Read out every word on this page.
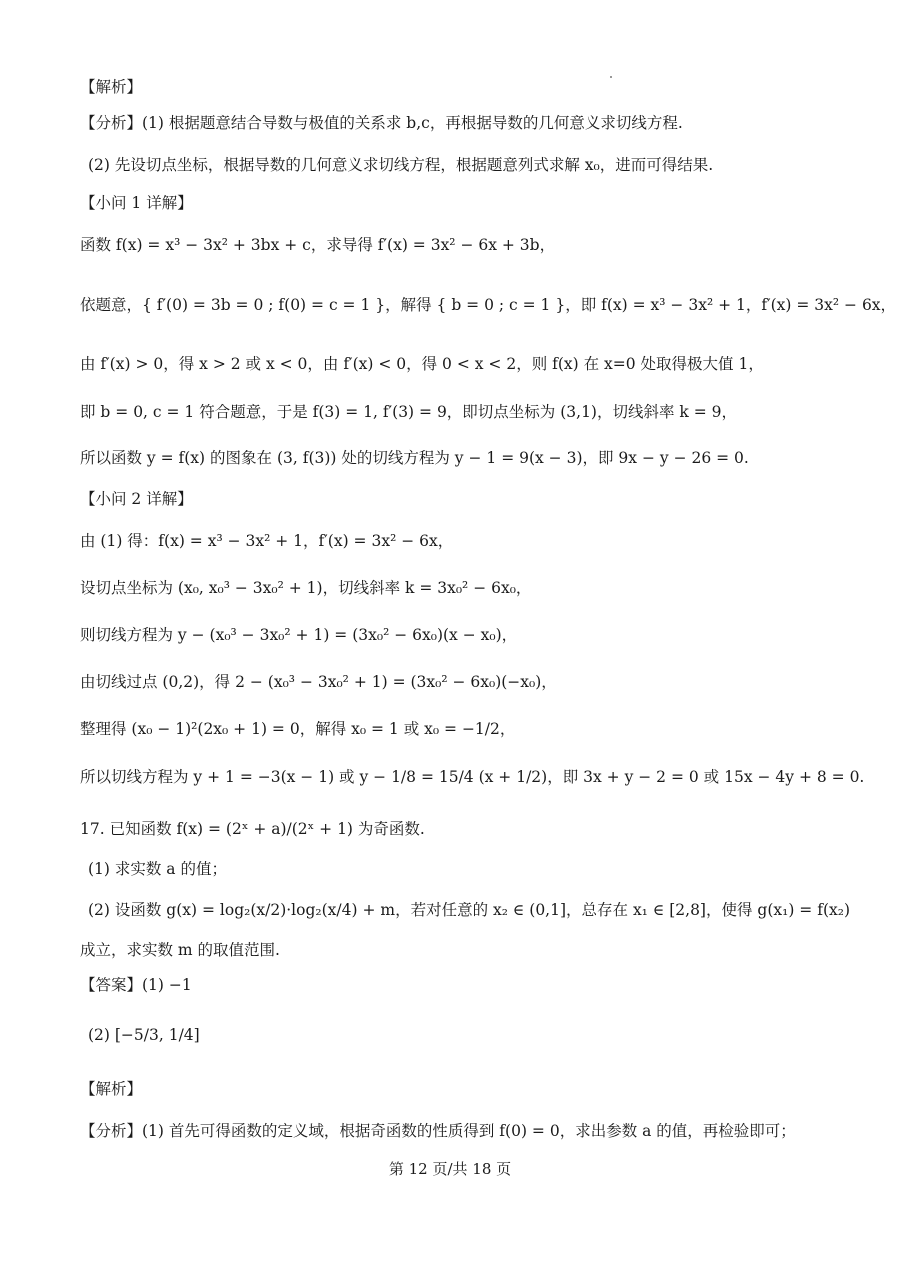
【解析】
【分析】(1) 根据题意结合导数与极值的关系求 b,c，再根据导数的几何意义求切线方程.
(2) 先设切点坐标，根据导数的几何意义求切线方程，根据题意列式求解 x₀，进而可得结果.
【小问 1 详解】
函数 f(x) = x³ − 3x² + 3bx + c，求导得 f′(x) = 3x² − 6x + 3b，
依题意，{ f′(0) = 3b = 0 ; f(0) = c = 1 }，解得 { b = 0 ; c = 1 }，即 f(x) = x³ − 3x² + 1，f′(x) = 3x² − 6x，
由 f′(x) > 0，得 x > 2 或 x < 0，由 f′(x) < 0，得 0 < x < 2，则 f(x) 在 x=0 处取得极大值 1，
即 b = 0, c = 1 符合题意，于是 f(3) = 1, f′(3) = 9，即切点坐标为 (3,1)，切线斜率 k = 9，
所以函数 y = f(x) 的图象在 (3, f(3)) 处的切线方程为 y − 1 = 9(x − 3)，即 9x − y − 26 = 0.
【小问 2 详解】
由 (1) 得：f(x) = x³ − 3x² + 1，f′(x) = 3x² − 6x，
设切点坐标为 (x₀, x₀³ − 3x₀² + 1)，切线斜率 k = 3x₀² − 6x₀，
则切线方程为 y − (x₀³ − 3x₀² + 1) = (3x₀² − 6x₀)(x − x₀)，
由切线过点 (0,2)，得 2 − (x₀³ − 3x₀² + 1) = (3x₀² − 6x₀)(−x₀)，
整理得 (x₀ − 1)²(2x₀ + 1) = 0，解得 x₀ = 1 或 x₀ = −1/2，
所以切线方程为 y + 1 = −3(x − 1) 或 y − 1/8 = 15/4 (x + 1/2)，即 3x + y − 2 = 0 或 15x − 4y + 8 = 0.
17. 已知函数 f(x) = (2ˣ + a)/(2ˣ + 1) 为奇函数.
(1) 求实数 a 的值；
(2) 设函数 g(x) = log₂(x/2)·log₂(x/4) + m，若对任意的 x₂ ∈ (0,1]，总存在 x₁ ∈ [2,8]，使得 g(x₁) = f(x₂)
成立，求实数 m 的取值范围.
【答案】(1) −1
(2) [−5/3, 1/4]
【解析】
【分析】(1) 首先可得函数的定义域，根据奇函数的性质得到 f(0) = 0，求出参数 a 的值，再检验即可；
第 12 页/共 18 页
